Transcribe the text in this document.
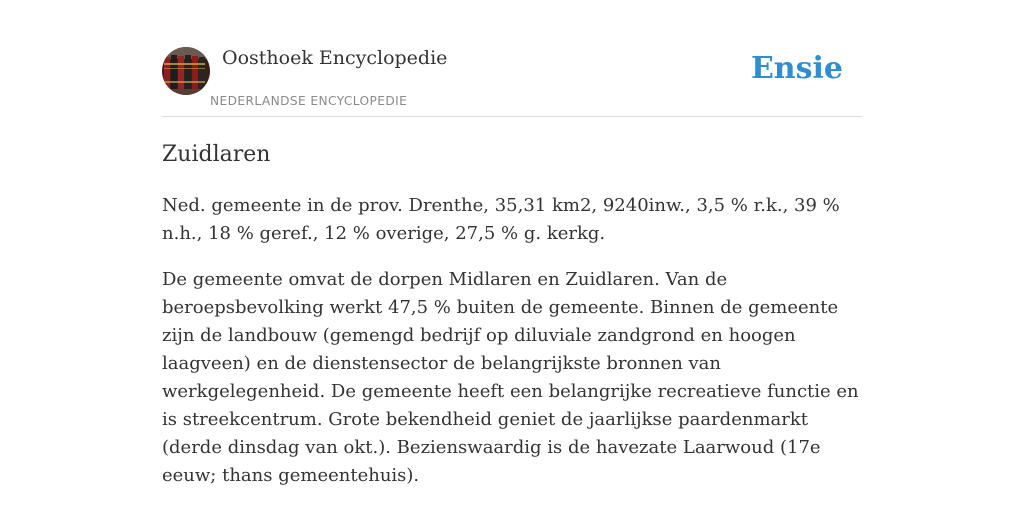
Oosthoek Encyclopedie
NEDERLANDSE ENCYCLOPEDIE
Ensie
Zuidlaren

Ned. gemeente in de prov. Drenthe, 35,31 km2, 9240inw., 3,5 % r.k., 39 % n.h., 18 % geref., 12 % overige, 27,5 % g. kerkg.

De gemeente omvat de dorpen Midlaren en Zuidlaren. Van de beroepsbevolking werkt 47,5 % buiten de gemeente. Binnen de gemeente zijn de landbouw (gemengd bedrijf op diluviale zandgrond en hoogen laagveen) en de dienstensector de belangrijkste bronnen van werkgelegenheid. De gemeente heeft een belangrijke recreatieve functie en is streekcentrum. Grote bekendheid geniet de jaarlijkse paardenmarkt (derde dinsdag van okt.). Bezienswaardig is de havezate Laarwoud (17e eeuw; thans gemeentehuis).
